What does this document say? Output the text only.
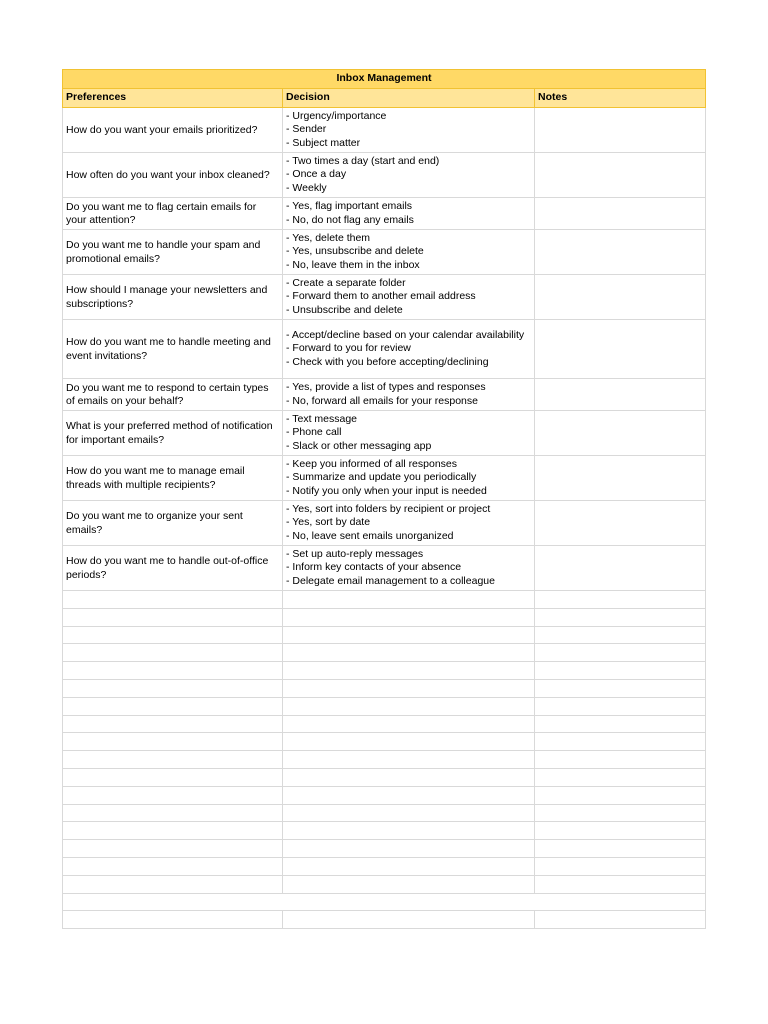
Inbox Management		
Preferences	Decision	Notes
How do you want your emails prioritized?	- Urgency/importance
- Sender
- Subject matter	

How often do you want your inbox cleaned?	- Two times a day (start and end)
- Once a day
- Weekly	

Do you want me to flag certain emails for your attention?	- Yes, flag important emails
- No, do not flag any emails	

Do you want me to handle your spam and promotional emails?	- Yes, delete them
- Yes, unsubscribe and delete
- No, leave them in the inbox	

How should I manage your newsletters and subscriptions?	- Create a separate folder
- Forward them to another email address
- Unsubscribe and delete	

How do you want me to handle meeting and event invitations?	- Accept/decline based on your calendar availability
- Forward to you for review
- Check with you before accepting/declining	

Do you want me to respond to certain types of emails on your behalf?	- Yes, provide a list of types and responses
- No, forward all emails for your response	

What is your preferred method of notification for important emails?	- Text message
- Phone call
- Slack or other messaging app	

How do you want me to manage email threads with multiple recipients?	- Keep you informed of all responses
- Summarize and update you periodically
- Notify you only when your input is needed	

Do you want me to organize your sent emails?	- Yes, sort into folders by recipient or project
- Yes, sort by date
- No, leave sent emails unorganized	

How do you want me to handle out-of-office periods?	- Set up auto-reply messages
- Inform key contacts of your absence
- Delegate email management to a colleague	
